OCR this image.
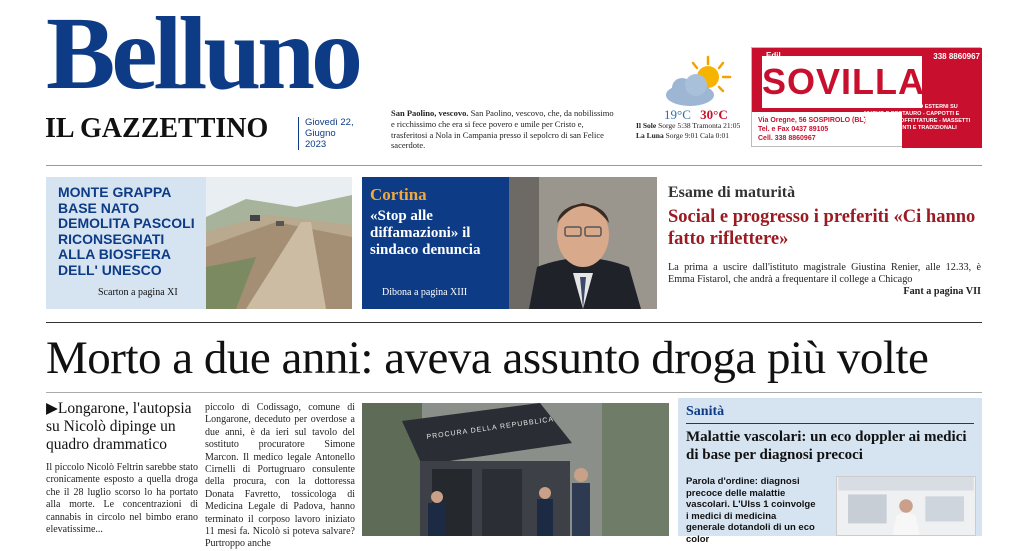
Belluno
IL GAZZETTINO	Giovedì 22,
Giugno 2023
San Paolino, vescovo. San Paolino, vescovo, che, da nobilissimo e ricchissimo che era si fece povero e umile per Cristo e, trasferitosi a Nola in Campania presso il sepolcro di san Felice sacerdote.
19°C 30°C
Il Sole Sorge 5:38 Tramonta 21:05
La Luna Sorge 9:01 Cala 0:01
SOVILLA
338 8860967
Via Oregne, 56 SOSPIROLO (BL)
Tel. e Fax 0437 89105
Cell. 338 8860967
INTONACI INTERNI ED ESTERNI SU NUOVO E RESTAURO - CAPPOTTI E RIFINITURE SOFFITTATURE - MASSETTI AUTOLIVELLANTI E TRADIZIONALI
MONTE GRAPPA BASE NATO DEMOLITA PASCOLI RICONSEGNATI ALLA BIOSFERA DELL' UNESCO
Scarton a pagina XI
Cortina
«Stop alle diffamazioni» il sindaco denuncia
Dibona a pagina XIII
Esame di maturità
Social e progresso i preferiti «Ci hanno fatto riflettere»
La prima a uscire dall'istituto magistrale Giustina Renier, alle 12.33, è Emma Fistarol, che andrà a frequentare il college a Chicago
Fant a pagina VII
Morto a due anni: aveva assunto droga più volte
▶Longarone, l'autopsia su Nicolò dipinge un quadro drammatico
Il piccolo Nicolò Feltrin sarebbe stato cronicamente esposto a quella droga che il 28 luglio scorso lo ha portato alla morte. Le concentrazioni di cannabis in circolo nel bimbo erano elevatissime...
piccolo di Codissago, comune di Longarone, deceduto per overdose a due anni, è da ieri sul tavolo del sostituto procuratore Simone Marcon. Il medico legale Antonello Cirnelli di Portugruaro consulente della procura, con la dottoressa Donata Favretto, tossicologa di Medicina Legale di Padova, hanno terminato il corposo lavoro iniziato 11 mesi fa. Nicolò si poteva salvare? Purtroppo anche
PROCURA DELLA REPUBBLICA
Sanità
Malattie vascolari: un eco doppler ai medici di base per diagnosi precoci
Parola d'ordine: diagnosi precoce delle malattie vascolari. L'Ulss 1 coinvolge i medici di medicina generale dotandoli di un eco color
